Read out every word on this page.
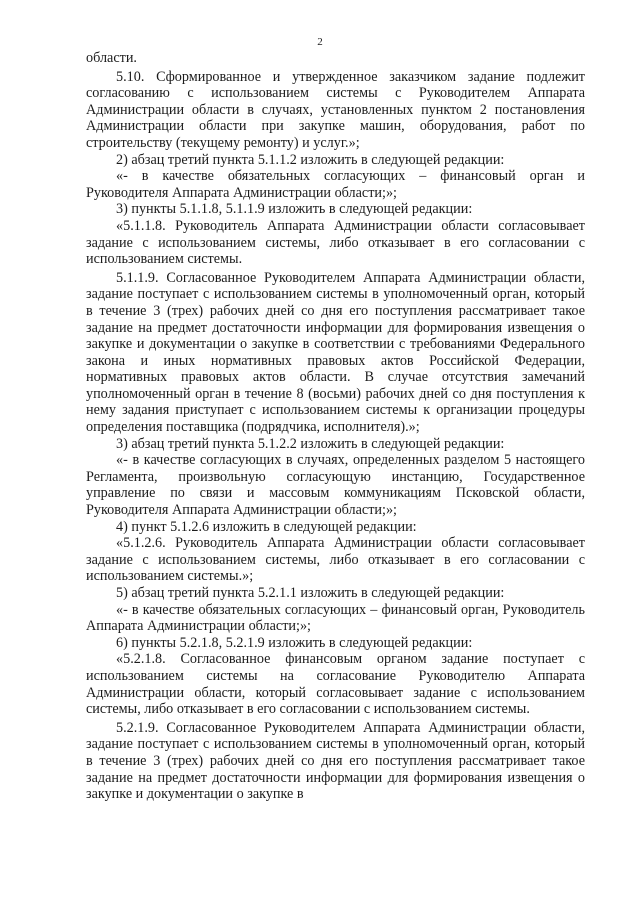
2

области.

5.10. Сформированное и утвержденное заказчиком задание подлежит согласованию с использованием системы с Руководителем Аппарата Администрации области в случаях, установленных пунктом 2 постановления Администрации области при закупке машин, оборудования, работ по строительству (текущему ремонту) и услуг.»;

2) абзац третий пункта 5.1.1.2 изложить в следующей редакции:

«- в качестве обязательных согласующих – финансовый орган и Руководителя Аппарата Администрации области;»;

3) пункты 5.1.1.8, 5.1.1.9 изложить в следующей редакции:

«5.1.1.8. Руководитель Аппарата Администрации области согласовывает задание с использованием системы, либо отказывает в его согласовании с использованием системы.

5.1.1.9. Согласованное Руководителем Аппарата Администрации области, задание поступает с использованием системы в уполномоченный орган, который в течение 3 (трех) рабочих дней со дня его поступления рассматривает такое задание на предмет достаточности информации для формирования извещения о закупке и документации о закупке в соответствии с требованиями Федерального закона и иных нормативных правовых актов Российской Федерации, нормативных правовых актов области. В случае отсутствия замечаний уполномоченный орган в течение 8 (восьми) рабочих дней со дня поступления к нему задания приступает с использованием системы к организации процедуры определения поставщика (подрядчика, исполнителя).»;

3) абзац третий пункта 5.1.2.2 изложить в следующей редакции:

«- в качестве согласующих в случаях, определенных разделом 5 настоящего Регламента, произвольную согласующую инстанцию, Государственное управление по связи и массовым коммуникациям Псковской области, Руководителя Аппарата Администрации области;»;

4) пункт 5.1.2.6 изложить в следующей редакции:

«5.1.2.6. Руководитель Аппарата Администрации области согласовывает задание с использованием системы, либо отказывает в его согласовании с использованием системы.»;

5) абзац третий пункта 5.2.1.1 изложить в следующей редакции:

«- в качестве обязательных согласующих – финансовый орган, Руководитель Аппарата Администрации области;»;

6) пункты 5.2.1.8, 5.2.1.9 изложить в следующей редакции:

«5.2.1.8. Согласованное финансовым органом задание поступает с использованием системы на согласование Руководителю Аппарата Администрации области, который согласовывает задание с использованием системы, либо отказывает в его согласовании с использованием системы.

5.2.1.9. Согласованное Руководителем Аппарата Администрации области, задание поступает с использованием системы в уполномоченный орган, который в течение 3 (трех) рабочих дней со дня его поступления рассматривает такое задание на предмет достаточности информации для формирования извещения о закупке и документации о закупке в
